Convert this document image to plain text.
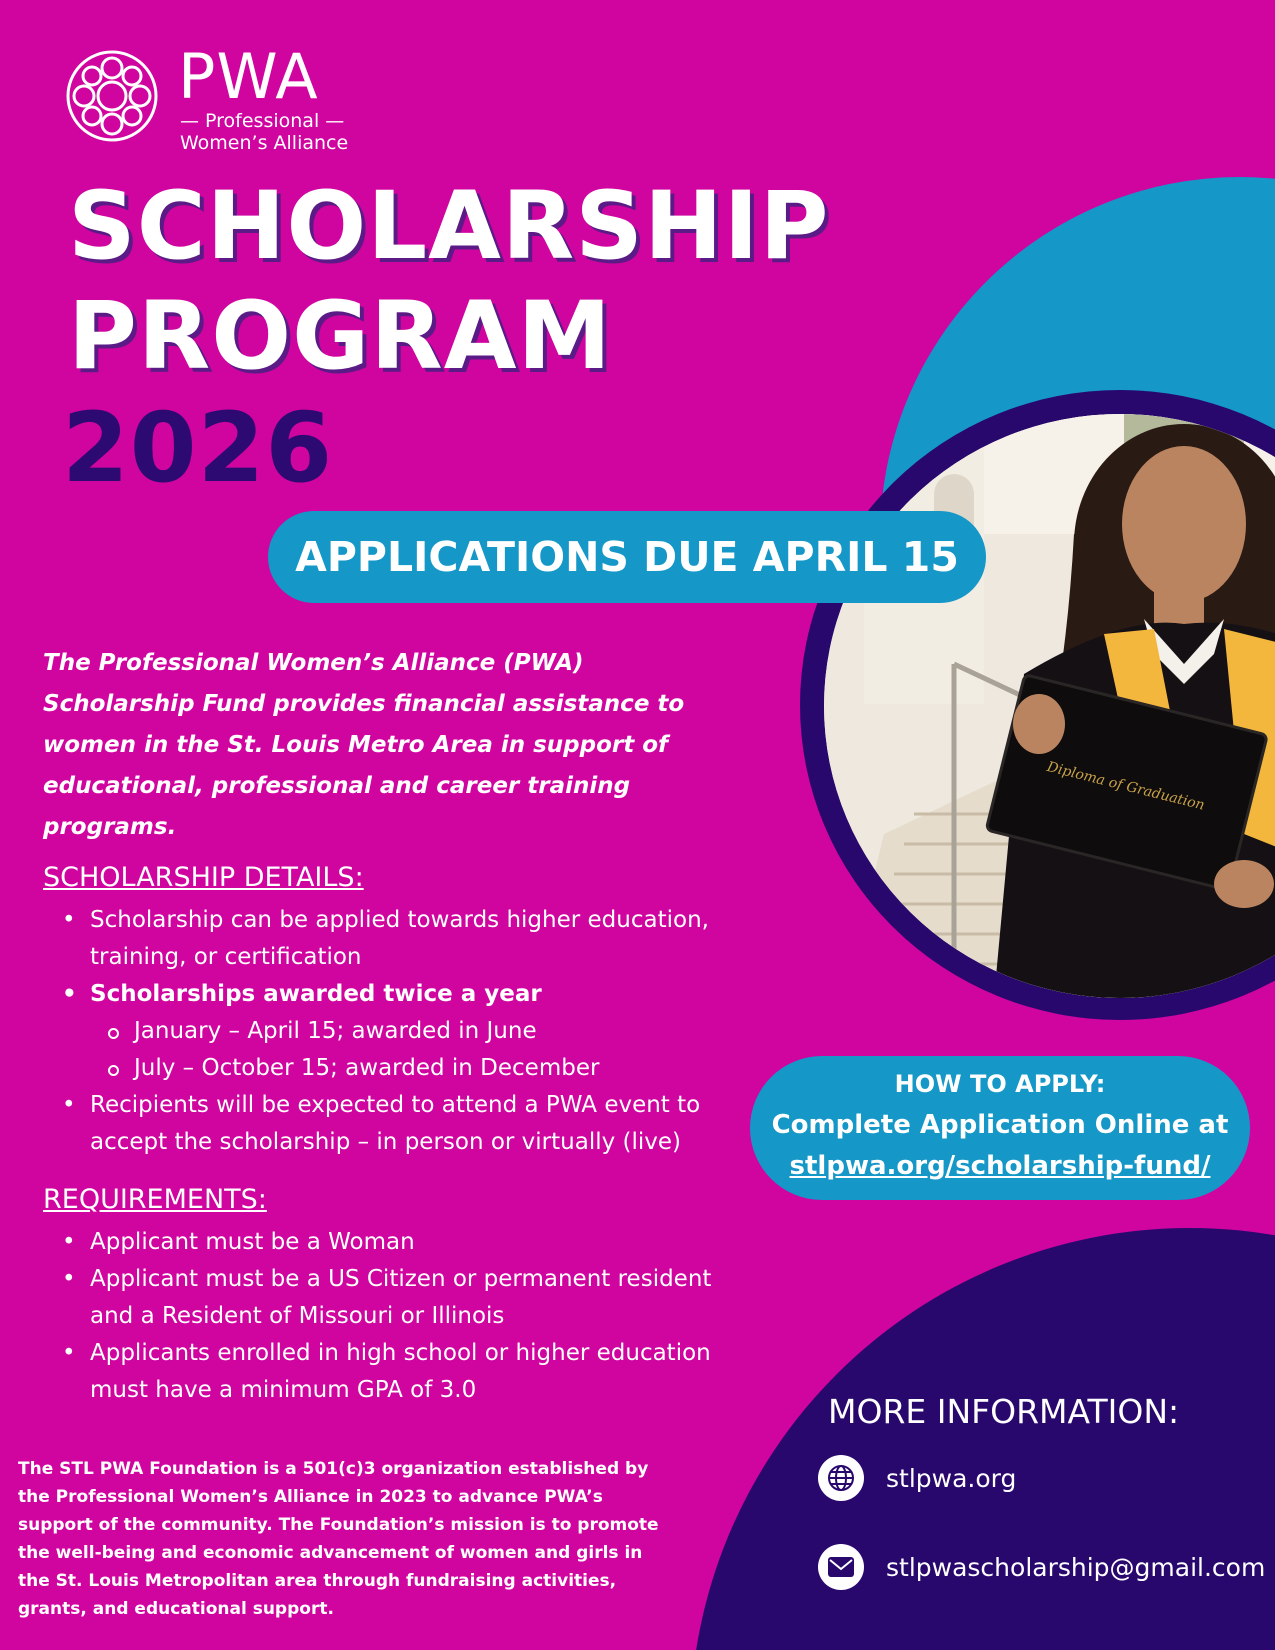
Diploma of Graduation
PWA
— Professional —
Women’s Alliance
SCHOLARSHIP
PROGRAM
2026
APPLICATIONS DUE APRIL 15
The Professional Women’s Alliance (PWA) Scholarship Fund provides financial assistance to women in the St. Louis Metro Area in support of educational, professional and career training programs.
SCHOLARSHIP DETAILS:
• Scholarship can be applied towards higher education, training, or certification
• Scholarships awarded twice a year
January – April 15; awarded in June
July – October 15; awarded in December
• Recipients will be expected to attend a PWA event to accept the scholarship – in person or virtually (live)
REQUIREMENTS:
• Applicant must be a Woman
• Applicant must be a US Citizen or permanent resident and a Resident of Missouri or Illinois
• Applicants enrolled in high school or higher education must have a minimum GPA of 3.0
The STL PWA Foundation is a 501(c)3 organization established by the Professional Women’s Alliance in 2023 to advance PWA’s support of the community. The Foundation’s mission is to promote the well-being and economic advancement of women and girls in the St. Louis Metropolitan area through fundraising activities, grants, and educational support.
HOW TO APPLY:
Complete Application Online at
stlpwa.org/scholarship-fund/
MORE INFORMATION:
stlpwa.org
stlpwascholarship@gmail.com
